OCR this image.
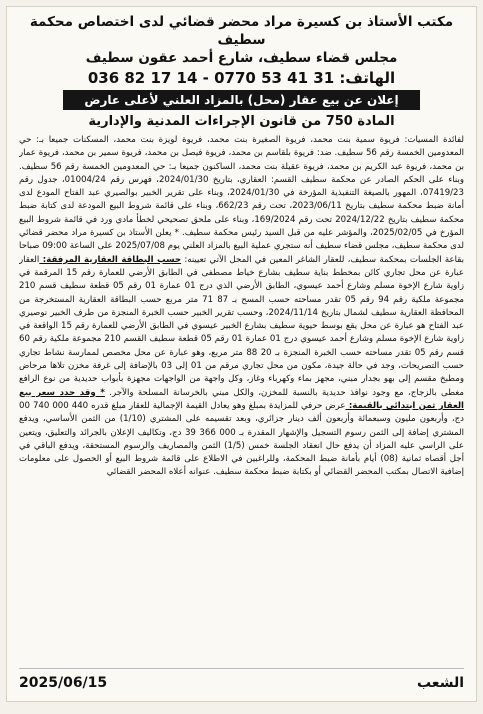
مكتب الأستاذ بن كسيرة مراد محضر قضائي لدى اختصاص محكمة سطيف
مجلس قضاء سطيف، شارع أحمد عقون سطيف
الهاتف: 036 82 17 14 - 0770 53 41 31
إعلان عن بيع عقار (محل) بالمزاد العلني لأعلى عارض
المادة 750 من قانون الإجراءات المدنية والإدارية
لفائدة المسيات: فريوة سمية بنت محمد، فريوة الصغيرة بنت محمد، فريوة لويزة بنت محمد، المسكنات جميعا بـ: حي المعدومين الخمسة رقم 56 سطيف. ضد: فريوة بلقاسم بن محمد، فريوة فيصل بن محمد، فريوة سمير بن محمد، فريوة عمار بن محمد، فريوة عبد الكريم بن محمد، فريوة عقيلة بنت محمد، الساكنون جميعا بـ: حي المعدومين الخمسة رقم 56 سطيف. وبناء على الحكم الصادر عن محكمة سطيف القسم: العقاري، بتاريخ 2024/01/30، فهرس رقم 01004/24، جدول رقم 07419/23، المهور بالصيغة التنفيذية المؤرخة في 2024/01/30، وبناء على تقرير الخبير بوالصيري عبد الفتاح المودع لدى أمانة ضبط محكمة سطيف بتاريخ 2023/06/11، تحت رقم 662/23، وبناء على قائمة شروط البيع المودعة لدى كتابة ضبط محكمة سطيف بتاريخ 2024/12/22 تحت رقم 169/2024، وبناء على ملحق تصحيحي لخطأ مادي ورد في قائمة شروط البيع المؤرخ في 2025/02/05، والمؤشر عليه من قبل السيد رئيس محكمة سطيف. * يعلن الأستاذ بن كسيرة مراد محضر قضائي لدى محكمة سطيف، مجلس قضاء سطيف أنه ستجري عملية البيع بالمزاد العلني يوم 2025/07/08 على الساعة 09:00 صباحا بقاعة الجلسات بمحكمة سطيف، للعقار الشاغر المعين في المحل الآتي تعيينه: حسب البطاقة العقارية المرفقة: العقار عبارة عن محل تجاري كائن بمخطط بناية سطيف بشارع خياط مصطفى في الطابق الأرضي للعمارة رقم 15 المرقمة في زاوية شارع الإخوة مسلم وشارع أحمد عيسوي، الطابق الأرضي الذي درج 01 عمارة 01 رقم 05 قطعة سطيف قسم 210 مجموعة ملكية رقم 94 رقم 05 تقدر مساحته حسب المسح بـ 87 71 متر مربع حسب البطاقة العقارية المستخرجة من المحافظة العقارية سطيف لشمال بتاريخ 2024/11/14، وحسب تقرير الخبير حسب الخبرة المنجزة من طرف الخبير نوصيري عبد الفتاح هو عبارة عن محل يقع بوسط حيوية سطيف بشارع الخبير عيسوي في الطابق الأرضي للعمارة رقم 15 الواقعة في زاوية شارع الإخوة مسلم وشارع أحمد عيسوي درج 01 عمارة 01 رقم 05 قطعة سطيف القسم 210 مجموعة ملكية رقم 60 قسم رقم 05 تقدر مساحته حسب الخبرة المنجزة بـ 20 88 متر مربع، وهو عبارة عن محل مخصص لممارسة نشاط تجاري حسب التصريحات، وجد في حالة جيدة، مكون من محل تجاري مرقم من 01 إلى 03 بالإضافة إلى غرفة مخزن تلاها مرحاض ومطبخ مقسم إلى بهو بجدار مبني، مجهز بماء وكهرباء وغاز، وكل واجهة من الواجهات مجهزة بأبواب حديدية من نوع الرافع مغطى بالزجاج، مع وجود نوافذ حديدية بالنسبة للمخزن، والكل مبني بالخرسانة المسلحة والآجر. * وقد حدد سعر بيع العقار ثمن ابتدائي بالقيمة: عرض حرفي للمزايدة بمبلغ وهو يعادل القيمة الإجمالية للعقار مبلغ قدره 440 000 740 00 دج، وأربعون مليون وسبعمائة وأربعون ألف دينار جزائري، وبعد تقسيمه على المشتري (1/10) من الثمن الأساسي، ويدفع المشتري إضافة إلى الثمن رسوم التسجيل والإشهار المقدرة بـ 000 366 39 دج، وتكاليف الإعلان بالجرائد والتعليق، ويتعين على الراسي عليه المزاد أن يدفع حال انعقاد الجلسة خمس (1/5) الثمن والمصاريف والرسوم المستحقة، ويدفع الباقي في أجل أقصاه ثمانية (08) أيام بأمانة ضبط المحكمة، وللراغبين في الاطلاع على قائمة شروط البيع أو الحصول على معلومات إضافية الاتصال بمكتب المحضر القضائي أو بكتابة ضبط محكمة سطيف. عنوانه أعلاه المحضر القضائي
الشعب
2025/06/15
